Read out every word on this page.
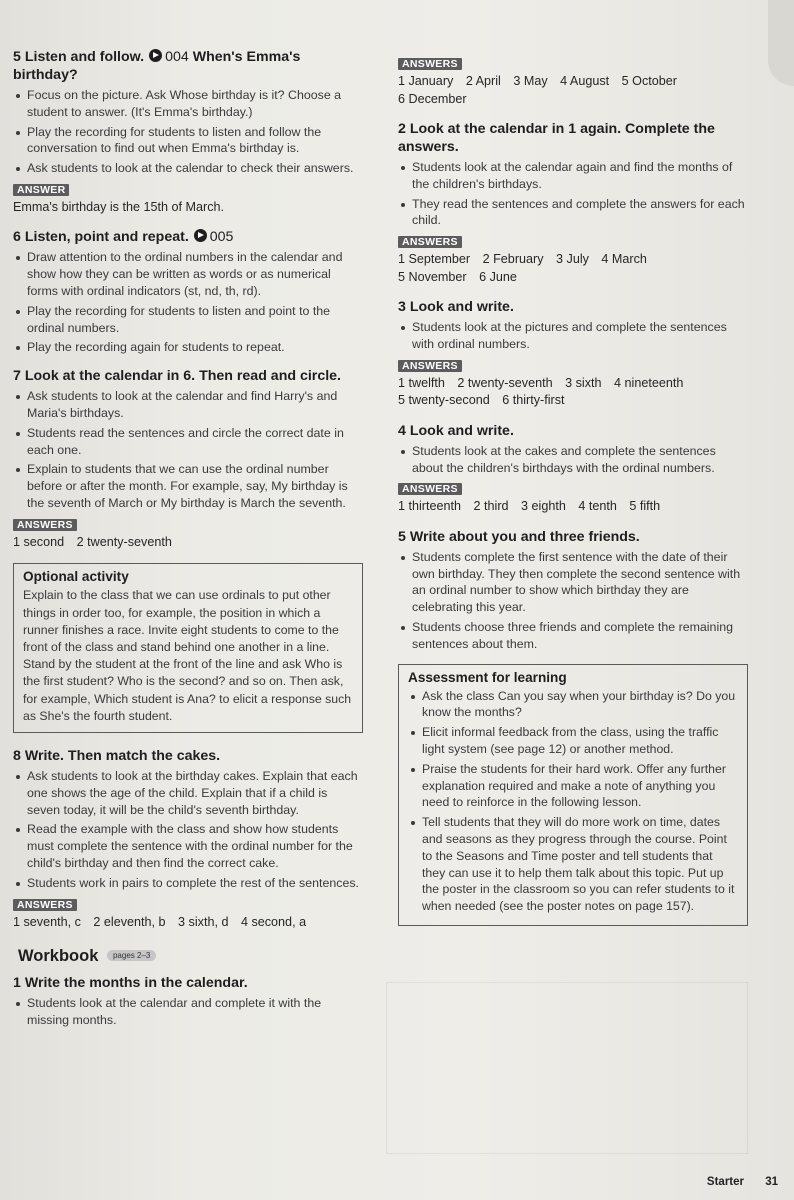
5 Listen and follow. 004 When's Emma's birthday?
Focus on the picture. Ask Whose birthday is it? Choose a student to answer. (It's Emma's birthday.)
Play the recording for students to listen and follow the conversation to find out when Emma's birthday is.
Ask students to look at the calendar to check their answers.
ANSWER
Emma's birthday is the 15th of March.
6 Listen, point and repeat. 005
Draw attention to the ordinal numbers in the calendar and show how they can be written as words or as numerical forms with ordinal indicators (st, nd, th, rd).
Play the recording for students to listen and point to the ordinal numbers.
Play the recording again for students to repeat.
7 Look at the calendar in 6. Then read and circle.
Ask students to look at the calendar and find Harry's and Maria's birthdays.
Students read the sentences and circle the correct date in each one.
Explain to students that we can use the ordinal number before or after the month. For example, say, My birthday is the seventh of March or My birthday is March the seventh.
ANSWERS
1 second 2 twenty-seventh
Optional activity

Explain to the class that we can use ordinals to put other things in order too, for example, the position in which a runner finishes a race. Invite eight students to come to the front of the class and stand behind one another in a line. Stand by the student at the front of the line and ask Who is the first student? Who is the second? and so on. Then ask, for example, Which student is Ana? to elicit a response such as She's the fourth student.

8 Write. Then match the cakes.
Ask students to look at the birthday cakes. Explain that each one shows the age of the child. Explain that if a child is seven today, it will be the child's seventh birthday.
Read the example with the class and show how students must complete the sentence with the ordinal number for the child's birthday and then find the correct cake.
Students work in pairs to complete the rest of the sentences.
ANSWERS
1 seventh, c 2 eleventh, b 3 sixth, d 4 second, a
Workbook pages 2–3
1 Write the months in the calendar.
Students look at the calendar and complete it with the missing months.
ANSWERS
1 January 2 April 3 May 4 August 5 October
6 December
2 Look at the calendar in 1 again. Complete the answers.
Students look at the calendar again and find the months of the children's birthdays.
They read the sentences and complete the answers for each child.
ANSWERS
1 September 2 February 3 July 4 March
5 November 6 June
3 Look and write.
Students look at the pictures and complete the sentences with ordinal numbers.
ANSWERS
1 twelfth 2 twenty-seventh 3 sixth 4 nineteenth
5 twenty-second 6 thirty-first
4 Look and write.
Students look at the cakes and complete the sentences about the children's birthdays with the ordinal numbers.
ANSWERS
1 thirteenth 2 third 3 eighth 4 tenth 5 fifth
5 Write about you and three friends.
Students complete the first sentence with the date of their own birthday. They then complete the second sentence with an ordinal number to show which birthday they are celebrating this year.
Students choose three friends and complete the remaining sentences about them.
Assessment for learning
Ask the class Can you say when your birthday is? Do you know the months?
Elicit informal feedback from the class, using the traffic light system (see page 12) or another method.
Praise the students for their hard work. Offer any further explanation required and make a note of anything you need to reinforce in the following lesson.
Tell students that they will do more work on time, dates and seasons as they progress through the course. Point to the Seasons and Time poster and tell students that they can use it to help them talk about this topic. Put up the poster in the classroom so you can refer students to it when needed (see the poster notes on page 157).
Starter 31
